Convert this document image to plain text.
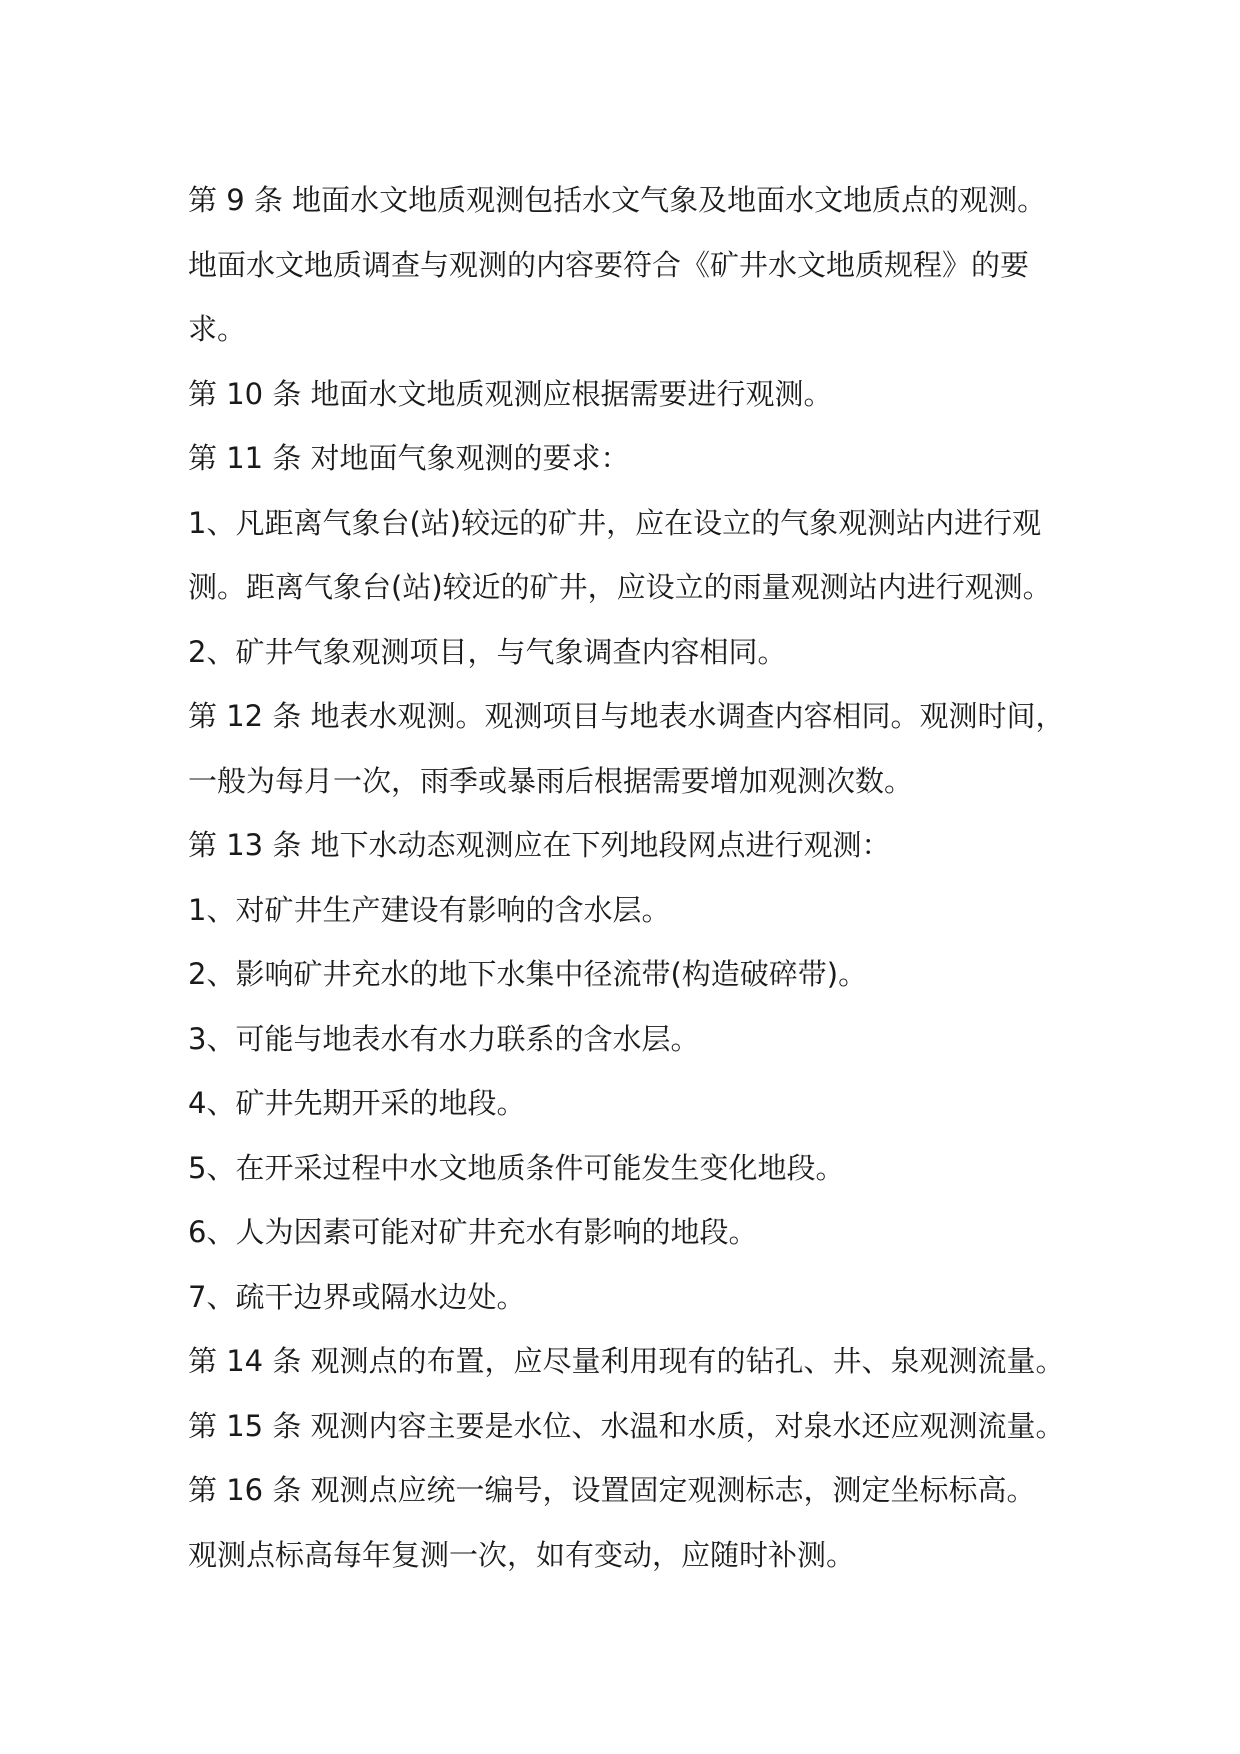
第 9 条 地面水文地质观测包括水文气象及地面水文地质点的观测。
地面水文地质调查与观测的内容要符合《矿井水文地质规程》的要
求。
第 10 条 地面水文地质观测应根据需要进行观测。
第 11 条 对地面气象观测的要求：
1、凡距离气象台(站)较远的矿井，应在设立的气象观测站内进行观
测。距离气象台(站)较近的矿井，应设立的雨量观测站内进行观测。
2、矿井气象观测项目，与气象调查内容相同。
第 12 条 地表水观测。观测项目与地表水调查内容相同。观测时间，
一般为每月一次，雨季或暴雨后根据需要增加观测次数。
第 13 条 地下水动态观测应在下列地段网点进行观测：
1、对矿井生产建设有影响的含水层。
2、影响矿井充水的地下水集中径流带(构造破碎带)。
3、可能与地表水有水力联系的含水层。
4、矿井先期开采的地段。
5、在开采过程中水文地质条件可能发生变化地段。
6、人为因素可能对矿井充水有影响的地段。
7、疏干边界或隔水边处。
第 14 条 观测点的布置，应尽量利用现有的钻孔、井、泉观测流量。
第 15 条 观测内容主要是水位、水温和水质，对泉水还应观测流量。
第 16 条 观测点应统一编号，设置固定观测标志，测定坐标标高。
观测点标高每年复测一次，如有变动，应随时补测。
